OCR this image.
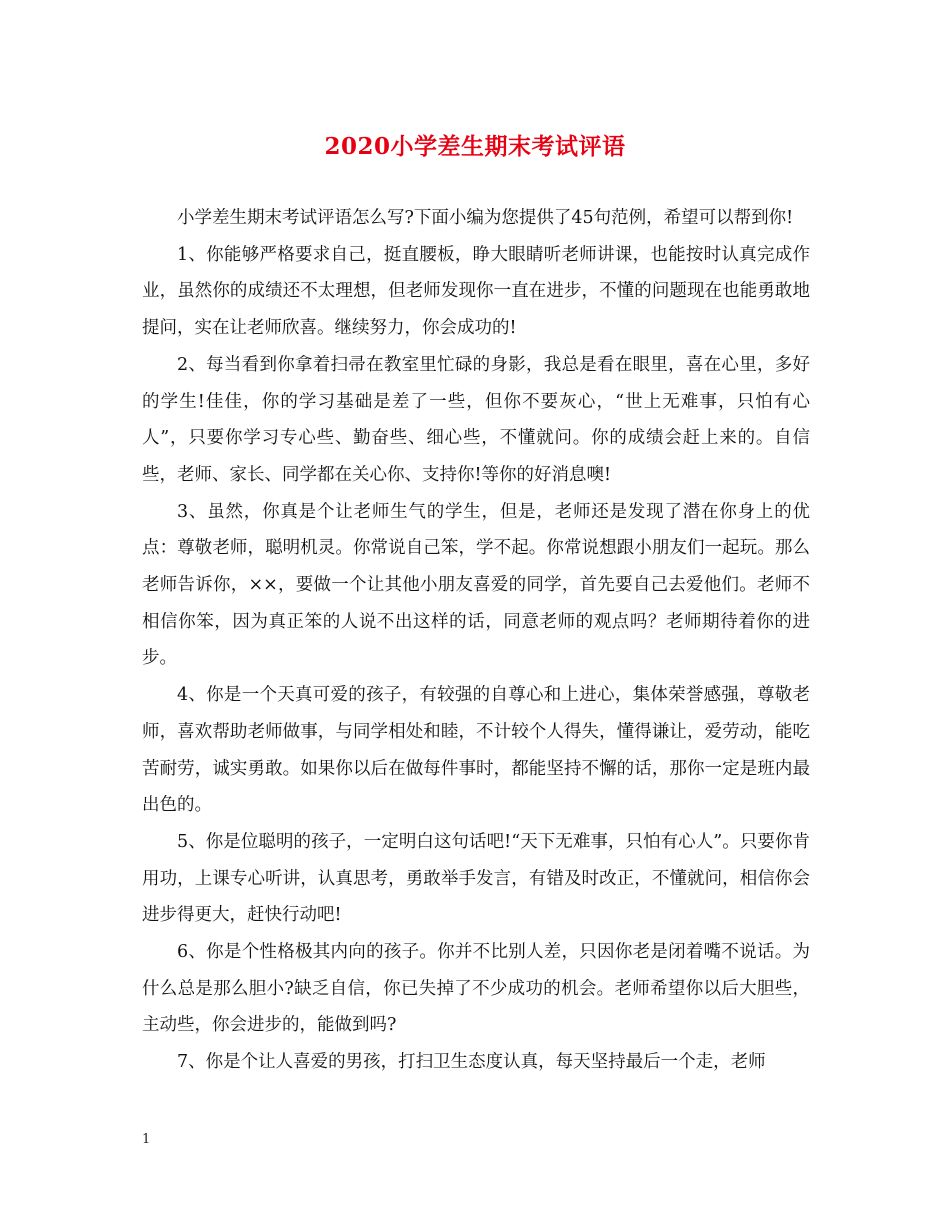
2020小学差生期末考试评语

小学差生期末考试评语怎么写?下面小编为您提供了45句范例，希望可以帮到你!

1、你能够严格要求自己，挺直腰板，睁大眼睛听老师讲课，也能按时认真完成作业，虽然你的成绩还不太理想，但老师发现你一直在进步，不懂的问题现在也能勇敢地提问，实在让老师欣喜。继续努力，你会成功的!

2、每当看到你拿着扫帚在教室里忙碌的身影，我总是看在眼里，喜在心里，多好的学生!佳佳，你的学习基础是差了一些，但你不要灰心，“世上无难事，只怕有心人”，只要你学习专心些、勤奋些、细心些，不懂就问。你的成绩会赶上来的。自信些，老师、家长、同学都在关心你、支持你!等你的好消息噢!

3、虽然，你真是个让老师生气的学生，但是，老师还是发现了潜在你身上的优点：尊敬老师，聪明机灵。你常说自己笨，学不起。你常说想跟小朋友们一起玩。那么老师告诉你，××，要做一个让其他小朋友喜爱的同学，首先要自己去爱他们。老师不相信你笨，因为真正笨的人说不出这样的话，同意老师的观点吗？老师期待着你的进步。

4、你是一个天真可爱的孩子，有较强的自尊心和上进心，集体荣誉感强，尊敬老师，喜欢帮助老师做事，与同学相处和睦，不计较个人得失，懂得谦让，爱劳动，能吃苦耐劳，诚实勇敢。如果你以后在做每件事时，都能坚持不懈的话，那你一定是班内最出色的。

5、你是位聪明的孩子，一定明白这句话吧!“天下无难事，只怕有心人”。只要你肯用功，上课专心听讲，认真思考，勇敢举手发言，有错及时改正，不懂就问，相信你会进步得更大，赶快行动吧!

6、你是个性格极其内向的孩子。你并不比别人差，只因你老是闭着嘴不说话。为什么总是那么胆小?缺乏自信，你已失掉了不少成功的机会。老师希望你以后大胆些，主动些，你会进步的，能做到吗?

7、你是个让人喜爱的男孩，打扫卫生态度认真，每天坚持最后一个走，老师

1
